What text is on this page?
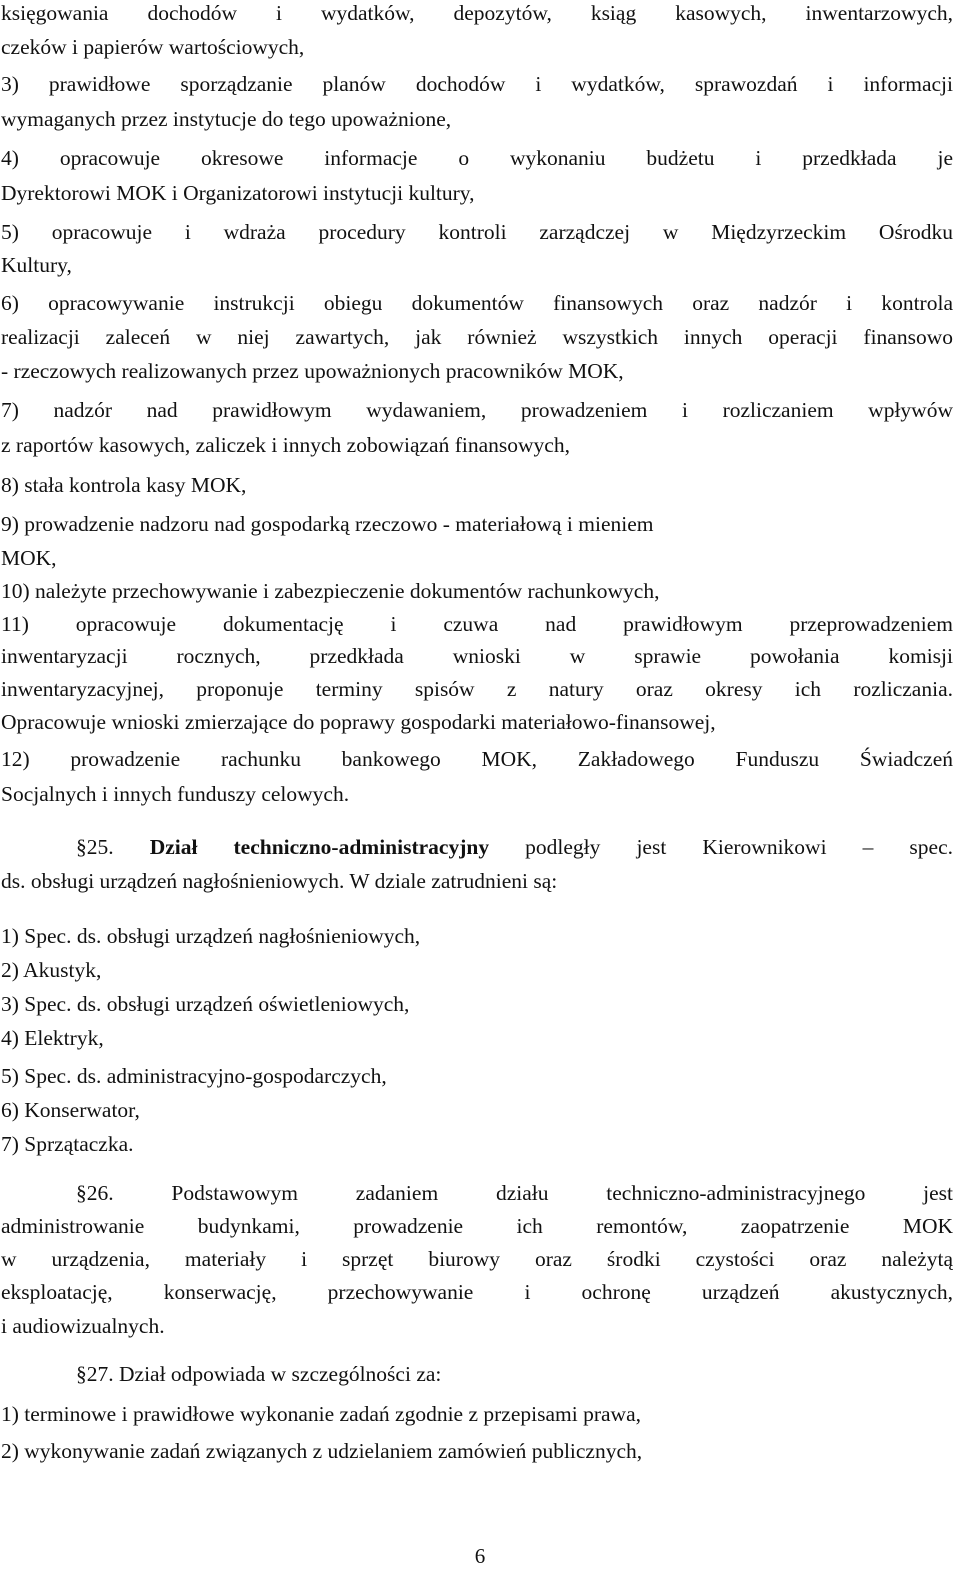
księgowania dochodów i wydatków, depozytów, ksiąg kasowych, inwentarzowych,
czeków i papierów wartościowych,
3) prawidłowe sporządzanie planów dochodów i wydatków, sprawozdań i informacji
wymaganych przez instytucje do tego upoważnione,
4) opracowuje okresowe informacje o wykonaniu budżetu i przedkłada je
Dyrektorowi MOK i Organizatorowi instytucji kultury,
5) opracowuje i wdraża procedury kontroli zarządczej w Międzyrzeckim Ośrodku
Kultury,
6) opracowywanie instrukcji obiegu dokumentów finansowych oraz nadzór i kontrola
realizacji zaleceń w niej zawartych, jak również wszystkich innych operacji finansowo
- rzeczowych realizowanych przez upoważnionych pracowników MOK,
7) nadzór nad prawidłowym wydawaniem, prowadzeniem i rozliczaniem wpływów
z raportów kasowych, zaliczek i innych zobowiązań finansowych,
8) stała kontrola kasy MOK,
9) prowadzenie nadzoru nad gospodarką rzeczowo - materiałową i mieniem
MOK,
10) należyte przechowywanie i zabezpieczenie dokumentów rachunkowych,
11) opracowuje dokumentację i czuwa nad prawidłowym przeprowadzeniem
inwentaryzacji rocznych, przedkłada wnioski w sprawie powołania komisji
inwentaryzacyjnej, proponuje terminy spisów z natury oraz okresy ich rozliczania.
Opracowuje wnioski zmierzające do poprawy gospodarki materiałowo-finansowej,
12) prowadzenie rachunku bankowego MOK, Zakładowego Funduszu Świadczeń
Socjalnych i innych funduszy celowych.
§25. Dział techniczno-administracyjny podległy jest Kierownikowi – spec.
ds. obsługi urządzeń nagłośnieniowych. W dziale zatrudnieni są:
1) Spec. ds. obsługi urządzeń nagłośnieniowych,
2) Akustyk,
3) Spec. ds. obsługi urządzeń oświetleniowych,
4) Elektryk,
5) Spec. ds. administracyjno-gospodarczych,
6) Konserwator,
7) Sprzątaczka.
§26. Podstawowym zadaniem działu techniczno-administracyjnego jest
administrowanie budynkami, prowadzenie ich remontów, zaopatrzenie MOK
w urządzenia, materiały i sprzęt biurowy oraz środki czystości oraz należytą
eksploatację, konserwację, przechowywanie i ochronę urządzeń akustycznych,
i audiowizualnych.
§27. Dział odpowiada w szczególności za:
1) terminowe i prawidłowe wykonanie zadań zgodnie z przepisami prawa,
2) wykonywanie zadań związanych z udzielaniem zamówień publicznych,
6
